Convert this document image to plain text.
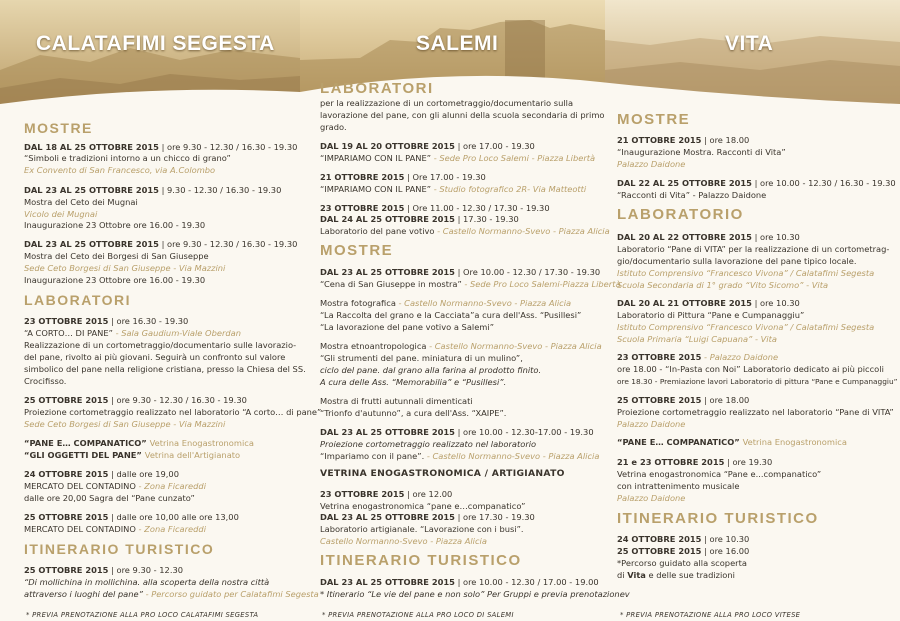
CALATAFIMI SEGESTA	SALEMI	VITA
MOSTRE
DAL 18 AL 25 OTTOBRE 2015 | ore 9.30 - 12.30 / 16.30 - 19.30
“Simboli e tradizioni intorno a un chicco di grano”
Ex Convento di San Francesco, via A.Colombo
DAL 23 AL 25 OTTOBRE 2015 | 9.30 - 12.30 / 16.30 - 19.30
Mostra del Ceto dei Mugnai
Vicolo dei Mugnai
Inaugurazione 23 Ottobre ore 16.00 - 19.30
DAL 23 AL 25 OTTOBRE 2015 | ore 9.30 - 12.30 / 16.30 - 19.30
Mostra del Ceto dei Borgesi di San Giuseppe
Sede Ceto Borgesi di San Giuseppe - Via Mazzini
Inaugurazione 23 Ottobre ore 16.00 - 19.30
LABORATORI
23 OTTOBRE 2015 | ore 16.30 - 19.30
“A CORTO… DI PANE” - Sala Gaudium-Viale Oberdan
Realizzazione di un cortometraggio/documentario sulle lavorazio-
del pane, rivolto ai più giovani. Seguirà un confronto sul valore
simbolico del pane nella religione cristiana, presso la Chiesa del SS.
Crocifisso.
25 OTTOBRE 2015 | ore 9.30 - 12.30 / 16.30 - 19.30
Proiezione cortometraggio realizzato nel laboratorio “A corto… di pane”
Sede Ceto Borgesi di San Giuseppe - Via Mazzini
“PANE E… COMPANATICO” Vetrina Enogastronomica
“GLI OGGETTI DEL PANE” Vetrina dell'Artigianato
24 OTTOBRE 2015 | dalle ore 19,00
MERCATO DEL CONTADINO - Zona Ficareddi
dalle ore 20,00 Sagra del “Pane cunzato”
25 OTTOBRE 2015 | dalle ore 10,00 alle ore 13,00
MERCATO DEL CONTADINO - Zona Ficareddi
ITINERARIO TURISTICO
25 OTTOBRE 2015 | ore 9.30 - 12.30
“Di mollichina in mollichina. alla scoperta della nostra città
attraverso i luoghi del pane” - Percorso guidato per Calatafimi Segesta
* PREVIA PRENOTAZIONE ALLA PRO LOCO CALATAFIMI SEGESTA
LABORATORI
per la realizzazione di un cortometraggio/documentario sulla
lavorazione del pane, con gli alunni della scuola secondaria di primo
grado.
DAL 19 AL 20 OTTOBRE 2015 | ore 17.00 - 19.30
“IMPARIAMO CON IL PANE” - Sede Pro Loco Salemi - Piazza Libertà
21 OTTOBRE 2015 | Ore 17.00 - 19.30
“IMPARIAMO CON IL PANE” - Studio fotografico 2R- Via Matteotti
23 OTTOBRE 2015 | Ore 11.00 - 12.30 / 17.30 - 19.30
DAL 24 AL 25 OTTOBRE 2015 | 17.30 - 19.30
Laboratorio del pane votivo - Castello Normanno-Svevo - Piazza Alicia
MOSTRE
DAL 23 AL 25 OTTOBRE 2015 | Ore 10.00 - 12.30 / 17.30 - 19.30
“Cena di San Giuseppe in mostra” - Sede Pro Loco Salemi-Piazza Libertà
Mostra fotografica - Castello Normanno-Svevo - Piazza Alicia
“La Raccolta del grano e la Cacciata”a cura dell'Ass. “Pusillesi”
“La lavorazione del pane votivo a Salemi”
Mostra etnoantropologica - Castello Normanno-Svevo - Piazza Alicia
“Gli strumenti del pane. miniatura di un mulino”,
ciclo del pane. dal grano alla farina al prodotto finito.
A cura delle Ass. “Memorabilia” e “Pusillesi”.
Mostra di frutti autunnali dimenticati
“Trionfo d'autunno”, a cura dell'Ass. “XAIPE”.
DAL 23 AL 25 OTTOBRE 2015 | ore 10.00 - 12.30-17.00 - 19.30
Proiezione cortometraggio realizzato nel laboratorio
“Impariamo con il pane”. - Castello Normanno-Svevo - Piazza Alicia
VETRINA ENOGASTRONOMICA / ARTIGIANATO
23 OTTOBRE 2015 | ore 12.00
Vetrina enogastronomica “pane e…companatico”
DAL 23 AL 25 OTTOBRE 2015 | ore 17.30 - 19.30
Laboratorio artigianale. “Lavorazione con i busi”.
Castello Normanno-Svevo - Piazza Alicia
ITINERARIO TURISTICO
DAL 23 AL 25 OTTOBRE 2015 | ore 10.00 - 12.30 / 17.00 - 19.00
* Itinerario “Le vie del pane e non solo” Per Gruppi e previa prenotazionev
* PREVIA PRENOTAZIONE ALLA PRO LOCO DI SALEMI
MOSTRE
21 OTTOBRE 2015 | ore 18.00
“Inaugurazione Mostra. Racconti di Vita”
Palazzo Daidone
DAL 22 AL 25 OTTOBRE 2015 | ore 10.00 - 12.30 / 16.30 - 19.30
“Racconti di Vita” - Palazzo Daidone
LABORATORIO
DAL 20 AL 22 OTTOBRE 2015 | ore 10.30
Laboratorio “Pane di VITA” per la realizzazione di un cortometrag-
gio/documentario sulla lavorazione del pane tipico locale.
Istituto Comprensivo “Francesco Vivona” / Calatafimi Segesta
Scuola Secondaria di 1° grado “Vito Sicomo” - Vita
DAL 20 AL 21 OTTOBRE 2015 | ore 10.30
Laboratorio di Pittura “Pane e Cumpanaggiu”
Istituto Comprensivo “Francesco Vivona” / Calatafimi Segesta
Scuola Primaria “Luigi Capuana” - Vita
23 OTTOBRE 2015 - Palazzo Daidone
ore 18.00 - “In-Pasta con Noi” Laboratorio dedicato ai più piccoli
ore 18.30 - Premiazione lavori Laboratorio di pittura “Pane e Cumpanaggiu”
25 OTTOBRE 2015 | ore 18.00
Proiezione cortometraggio realizzato nel laboratorio “Pane di VITA”
Palazzo Daidone
“PANE E… COMPANATICO” Vetrina Enogastronomica
21 e 23 OTTOBRE 2015 | ore 19.30
Vetrina enogastronomica “Pane e...companatico”
con intrattenimento musicale
Palazzo Daidone
ITINERARIO TURISTICO
24 OTTOBRE 2015 | ore 10.30
25 OTTOBRE 2015 | ore 16.00
*Percorso guidato alla scoperta
di Vita e delle sue tradizioni
* PREVIA PRENOTAZIONE ALLA PRO LOCO VITESE
